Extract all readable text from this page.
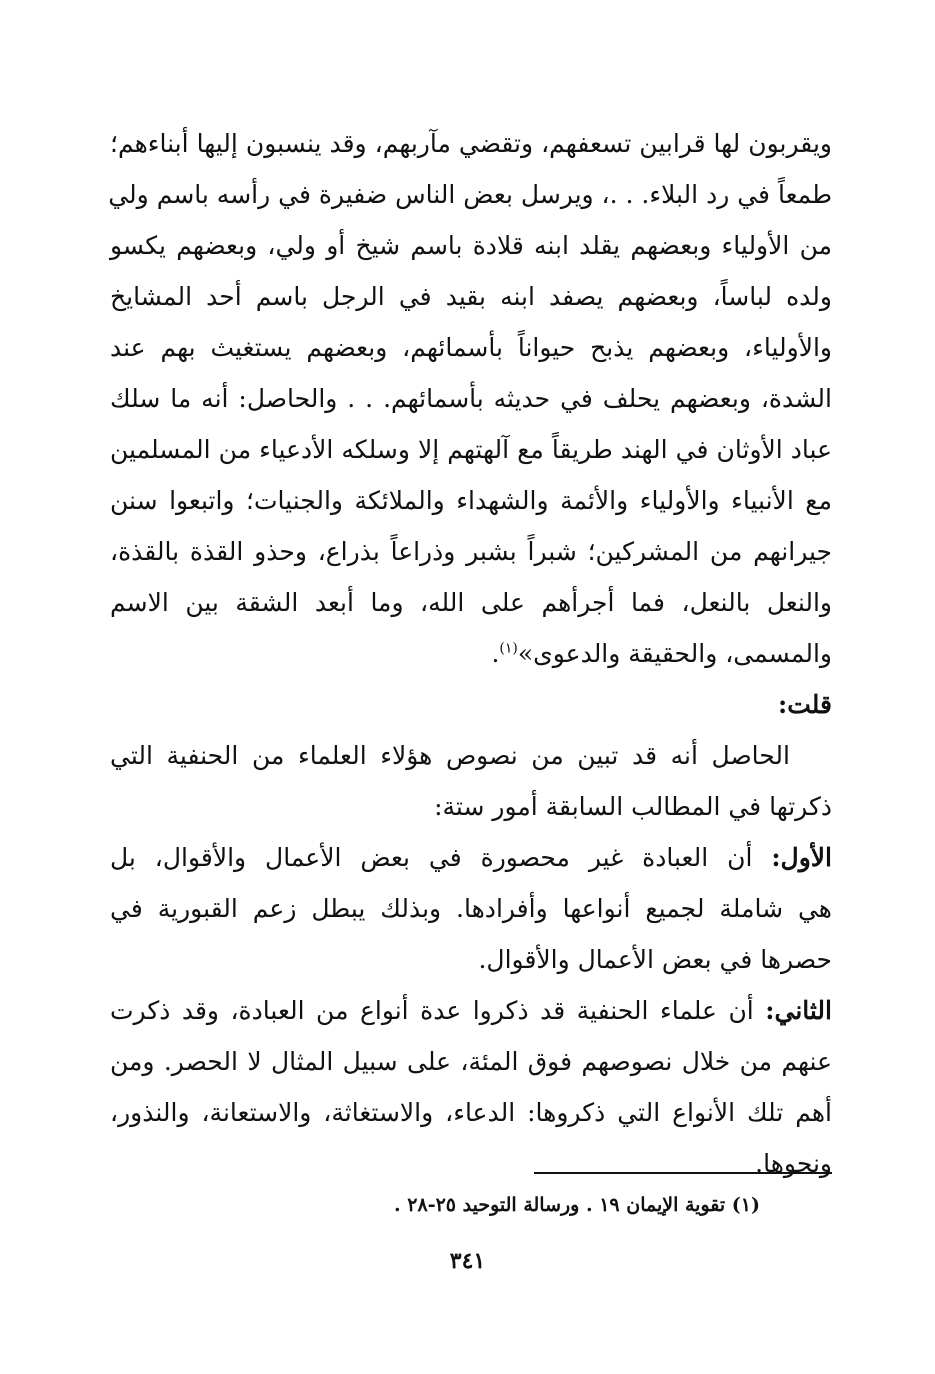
ويقربون لها قرابين تسعفهم، وتقضي مآربهم، وقد ينسبون إليها أبناءهم؛
طمعاً في رد البلاء. . .، ويرسل بعض الناس ضفيرة في رأسه باسم ولي
من الأولياء وبعضهم يقلد ابنه قلادة باسم شيخ أو ولي، وبعضهم يكسو
ولده لباساً، وبعضهم يصفد ابنه بقيد في الرجل باسم أحد المشايخ
والأولياء، وبعضهم يذبح حيواناً بأسمائهم، وبعضهم يستغيث بهم عند
الشدة، وبعضهم يحلف في حديثه بأسمائهم. . . والحاصل: أنه ما سلك
عباد الأوثان في الهند طريقاً مع آلهتهم إلا وسلكه الأدعياء من المسلمين
مع الأنبياء والأولياء والأئمة والشهداء والملائكة والجنيات؛ واتبعوا سنن
جيرانهم من المشركين؛ شبراً بشبر وذراعاً بذراع، وحذو القذة بالقذة،
والنعل بالنعل، فما أجرأهم على الله، وما أبعد الشقة بين الاسم
والمسمى، والحقيقة والدعوى»$^{(١)}$.
قلت:
الحاصل أنه قد تبين من نصوص هؤلاء العلماء من الحنفية التي
ذكرتها في المطالب السابقة أمور ستة:
الأول: أن العبادة غير محصورة في بعض الأعمال والأقوال، بل
هي شاملة لجميع أنواعها وأفرادها. وبذلك يبطل زعم القبورية في
حصرها في بعض الأعمال والأقوال.
الثاني: أن علماء الحنفية قد ذكروا عدة أنواع من العبادة، وقد ذكرت
عنهم من خلال نصوصهم فوق المئة، على سبيل المثال لا الحصر. ومن
أهم تلك الأنواع التي ذكروها: الدعاء، والاستغاثة، والاستعانة، والنذور،
ونحوها.
(١) تقوية الإيمان ١٩ . ورسالة التوحيد ٢٥-٢٨ .
٣٤١
